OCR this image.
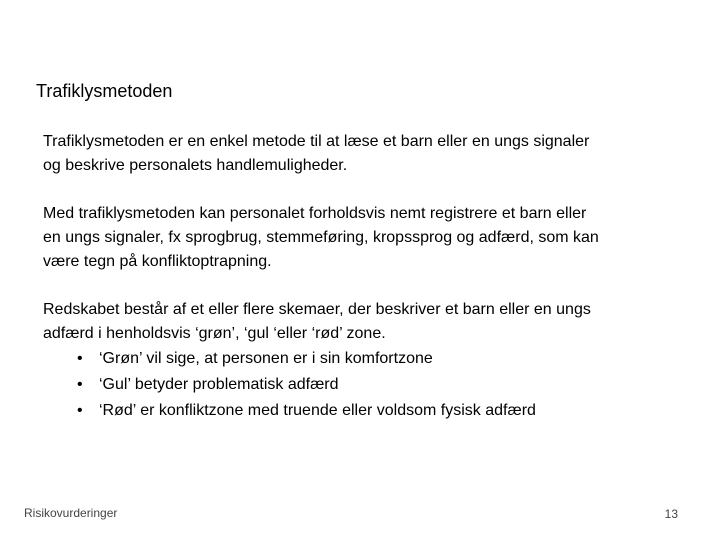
Trafiklysmetoden

Trafiklysmetoden er en enkel metode til at læse et barn eller en ungs signaler
og beskrive personalets handlemuligheder.

Med trafiklysmetoden kan personalet forholdsvis nemt registrere et barn eller
en ungs signaler, fx sprogbrug, stemmeføring, kropssprog og adfærd, som kan
være tegn på konfliktoptrapning.

Redskabet består af et eller flere skemaer, der beskriver et barn eller en ungs
adfærd i henholdsvis ‘grøn’, ‘gul ‘eller ‘rød’ zone.

• ‘Grøn’ vil sige, at personen er i sin komfortzone
• ‘Gul’ betyder problematisk adfærd
• ‘Rød’ er konfliktzone med truende eller voldsom fysisk adfærd
Risikovurderinger	13
